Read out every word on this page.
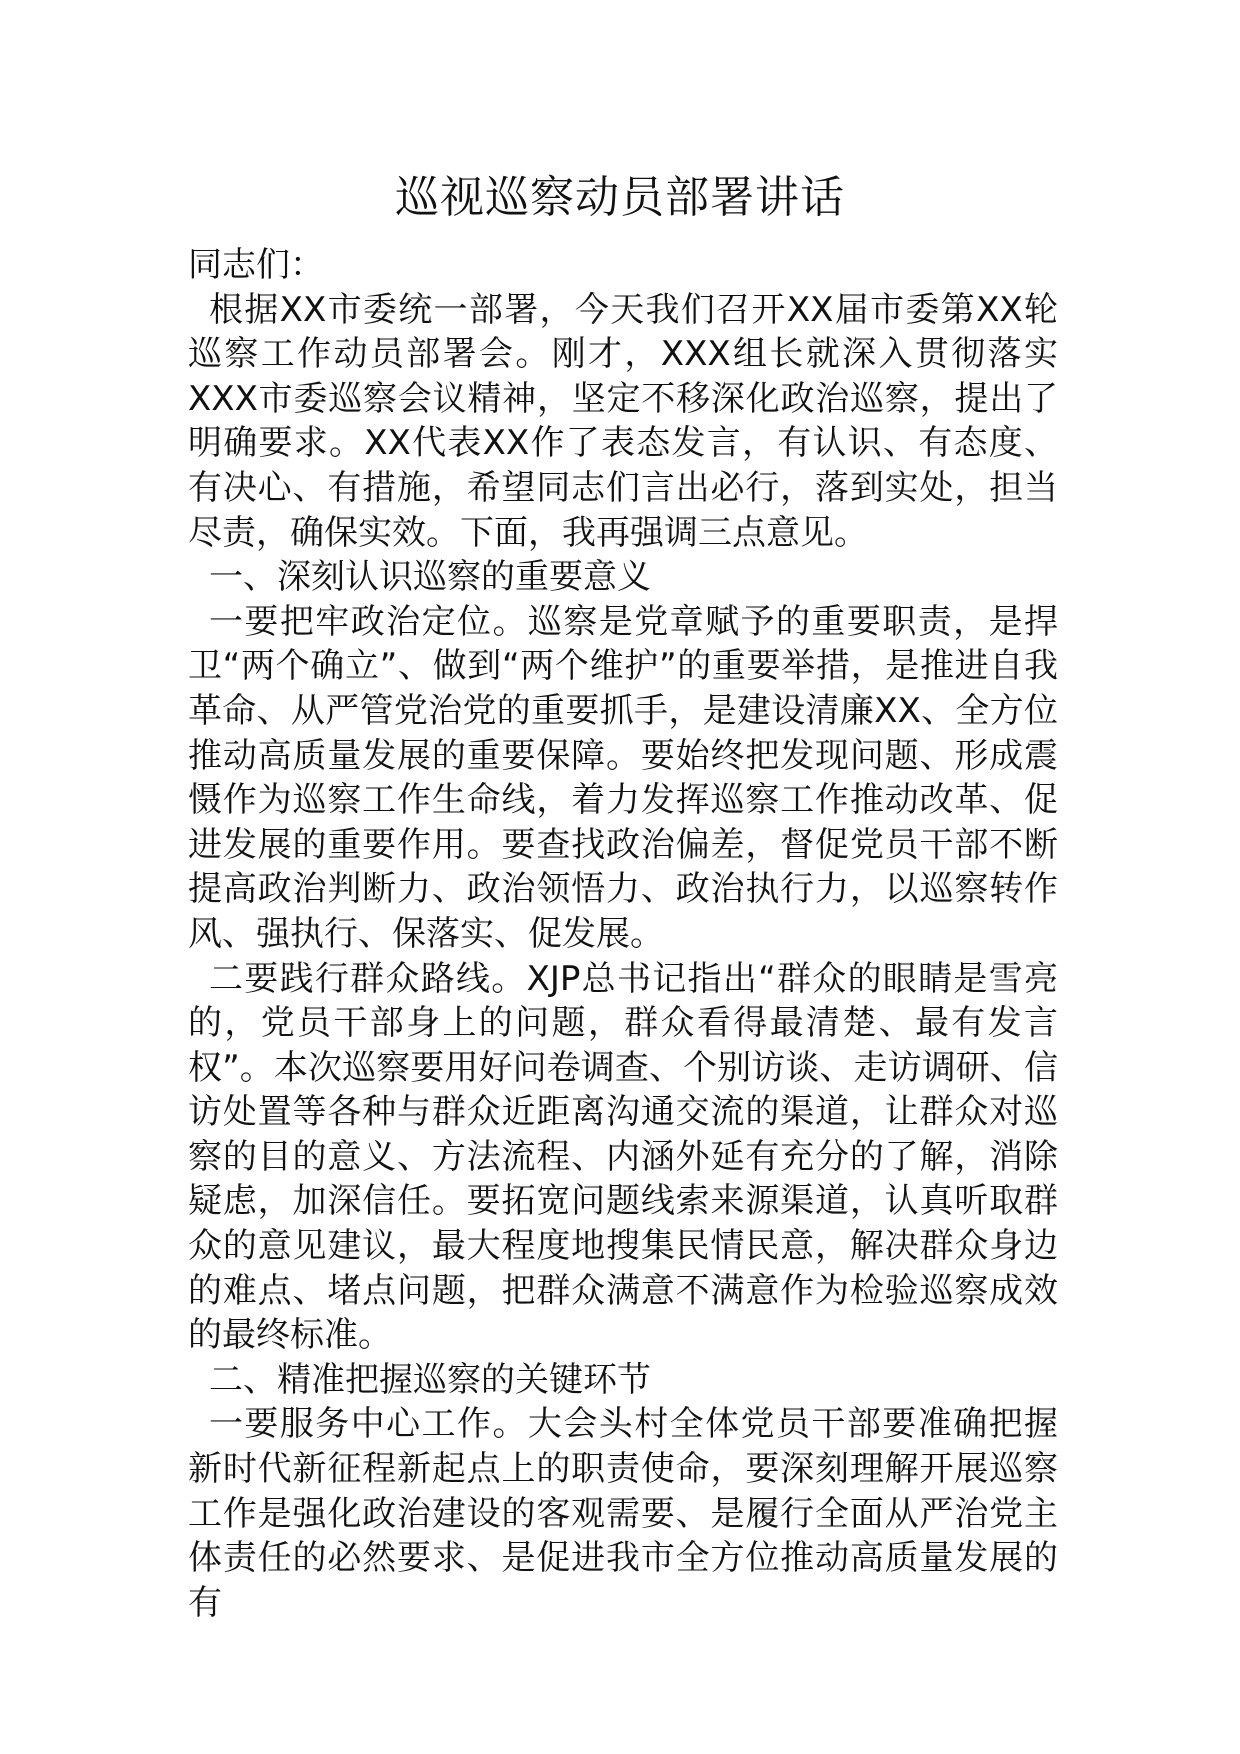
巡视巡察动员部署讲话

同志们：

根据XX市委统一部署，今天我们召开XX届市委第XX轮巡察工作动员部署会。刚才，XXX组长就深入贯彻落实XXX市委巡察会议精神，坚定不移深化政治巡察，提出了明确要求。XX代表XX作了表态发言，有认识、有态度、有决心、有措施，希望同志们言出必行，落到实处，担当尽责，确保实效。下面，我再强调三点意见。

一、深刻认识巡察的重要意义

一要把牢政治定位。巡察是党章赋予的重要职责，是捍卫“两个确立”、做到“两个维护”的重要举措，是推进自我革命、从严管党治党的重要抓手，是建设清廉XX、全方位推动高质量发展的重要保障。要始终把发现问题、形成震慑作为巡察工作生命线，着力发挥巡察工作推动改革、促进发展的重要作用。要查找政治偏差，督促党员干部不断提高政治判断力、政治领悟力、政治执行力，以巡察转作风、强执行、保落实、促发展。

二要践行群众路线。XJP总书记指出“群众的眼睛是雪亮的，党员干部身上的问题，群众看得最清楚、最有发言权”。本次巡察要用好问卷调查、个别访谈、走访调研、信访处置等各种与群众近距离沟通交流的渠道，让群众对巡察的目的意义、方法流程、内涵外延有充分的了解，消除疑虑，加深信任。要拓宽问题线索来源渠道，认真听取群众的意见建议，最大程度地搜集民情民意，解决群众身边的难点、堵点问题，把群众满意不满意作为检验巡察成效的最终标准。

二、精准把握巡察的关键环节

一要服务中心工作。大会头村全体党员干部要准确把握新时代新征程新起点上的职责使命，要深刻理解开展巡察工作是强化政治建设的客观需要、是履行全面从严治党主体责任的必然要求、是促进我市全方位推动高质量发展的有
